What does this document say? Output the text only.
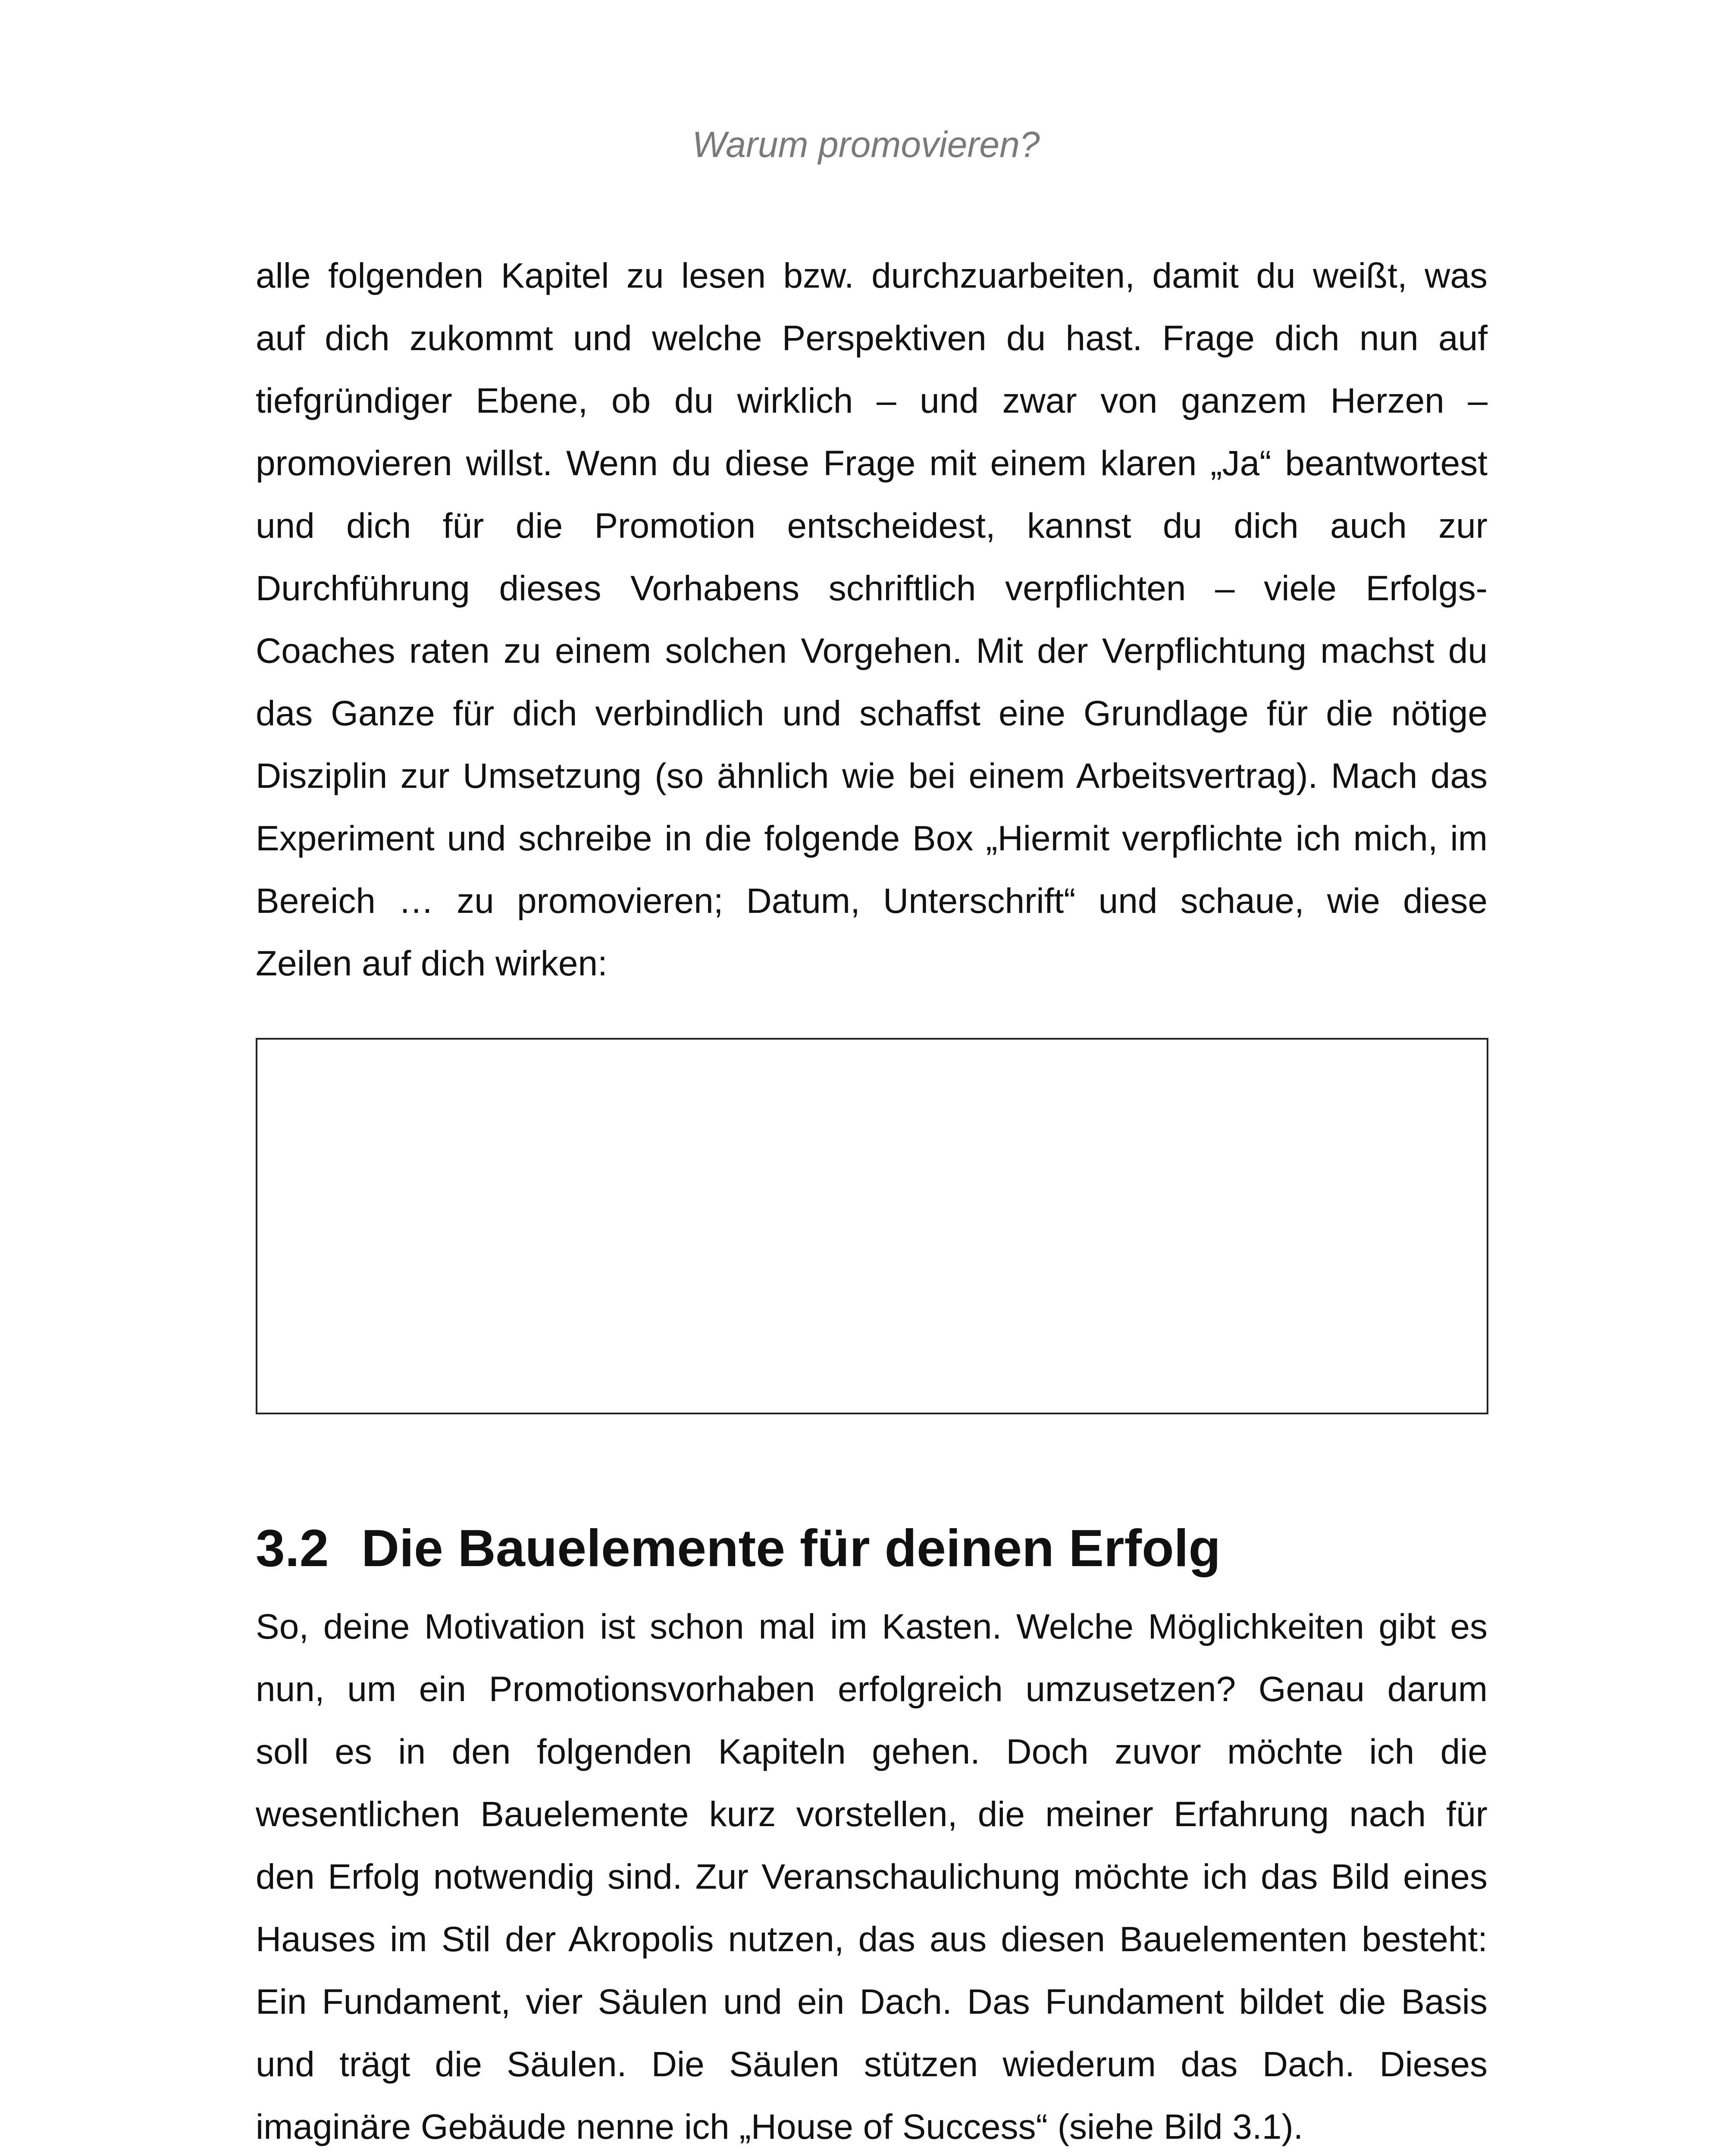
Warum promovieren?
alle folgenden Kapitel zu lesen bzw. durchzuarbeiten, damit du weißt, was
auf dich zukommt und welche Perspektiven du hast. Frage dich nun auf
tiefgründiger Ebene, ob du wirklich – und zwar von ganzem Herzen –
promovieren willst. Wenn du diese Frage mit einem klaren „Ja“ beantwortest
und dich für die Promotion entscheidest, kannst du dich auch zur
Durchführung dieses Vorhabens schriftlich verpflichten – viele Erfolgs-
Coaches raten zu einem solchen Vorgehen. Mit der Verpflichtung machst du
das Ganze für dich verbindlich und schaffst eine Grundlage für die nötige
Disziplin zur Umsetzung (so ähnlich wie bei einem Arbeitsvertrag). Mach das
Experiment und schreibe in die folgende Box „Hiermit verpflichte ich mich, im
Bereich … zu promovieren; Datum, Unterschrift“ und schaue, wie diese
Zeilen auf dich wirken:
3.2 Die Bauelemente für deinen Erfolg
So, deine Motivation ist schon mal im Kasten. Welche Möglichkeiten gibt es
nun, um ein Promotionsvorhaben erfolgreich umzusetzen? Genau darum
soll es in den folgenden Kapiteln gehen. Doch zuvor möchte ich die
wesentlichen Bauelemente kurz vorstellen, die meiner Erfahrung nach für
den Erfolg notwendig sind. Zur Veranschaulichung möchte ich das Bild eines
Hauses im Stil der Akropolis nutzen, das aus diesen Bauelementen besteht:
Ein Fundament, vier Säulen und ein Dach. Das Fundament bildet die Basis
und trägt die Säulen. Die Säulen stützen wiederum das Dach. Dieses
imaginäre Gebäude nenne ich „House of Success“ (siehe Bild 3.1).
